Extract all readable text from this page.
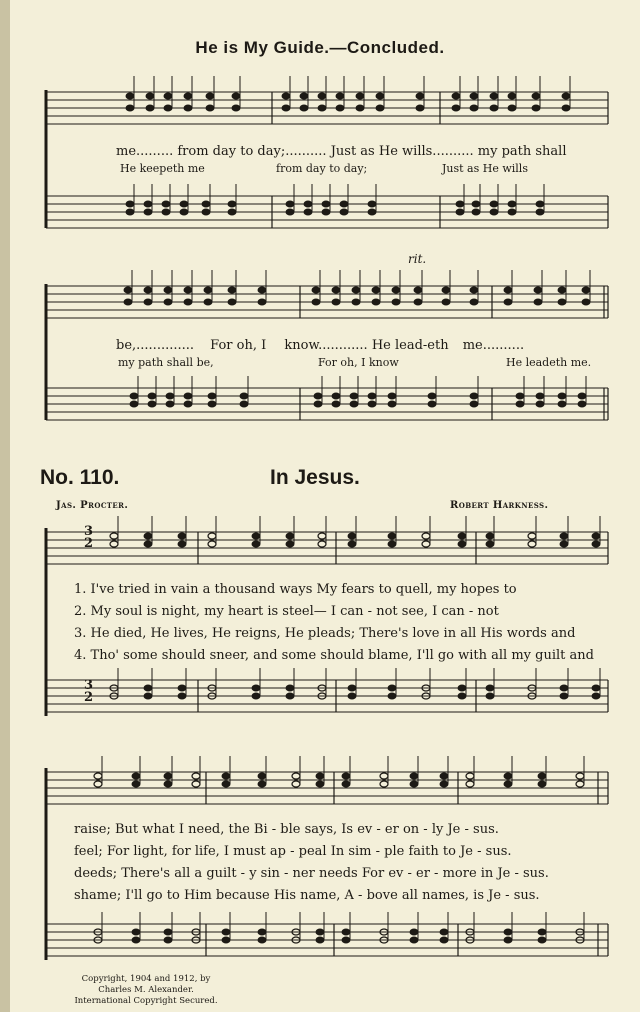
He is My Guide.—Concluded.
me......... from day to day;.......... Just as He wills.......... my path shall
He keepeth me	from day to day;	Just as He wills
rit.
be,.............. For oh, I know............ He lead-eth me..........
my path shall be,	For oh, I know	He leadeth me.
No. 110.	In Jesus.
Jas. Procter.	Robert Harkness.
3
2
3
2
1. I've tried in vain a thousand ways My fears to quell, my hopes to
2. My soul is night, my heart is steel— I can - not see, I can - not
3. He died, He lives, He reigns, He pleads; There's love in all His words and
4. Tho' some should sneer, and some should blame, I'll go with all my guilt and
raise; But what I need, the Bi - ble says, Is ev - er on - ly Je - sus.
feel; For light, for life, I must ap - peal In sim - ple faith to Je - sus.
deeds; There's all a guilt - y sin - ner needs For ev - er - more in Je - sus.
shame; I'll go to Him because His name, A - bove all names, is Je - sus.
Copyright, 1904 and 1912, by
Charles M. Alexander.
International Copyright Secured.
